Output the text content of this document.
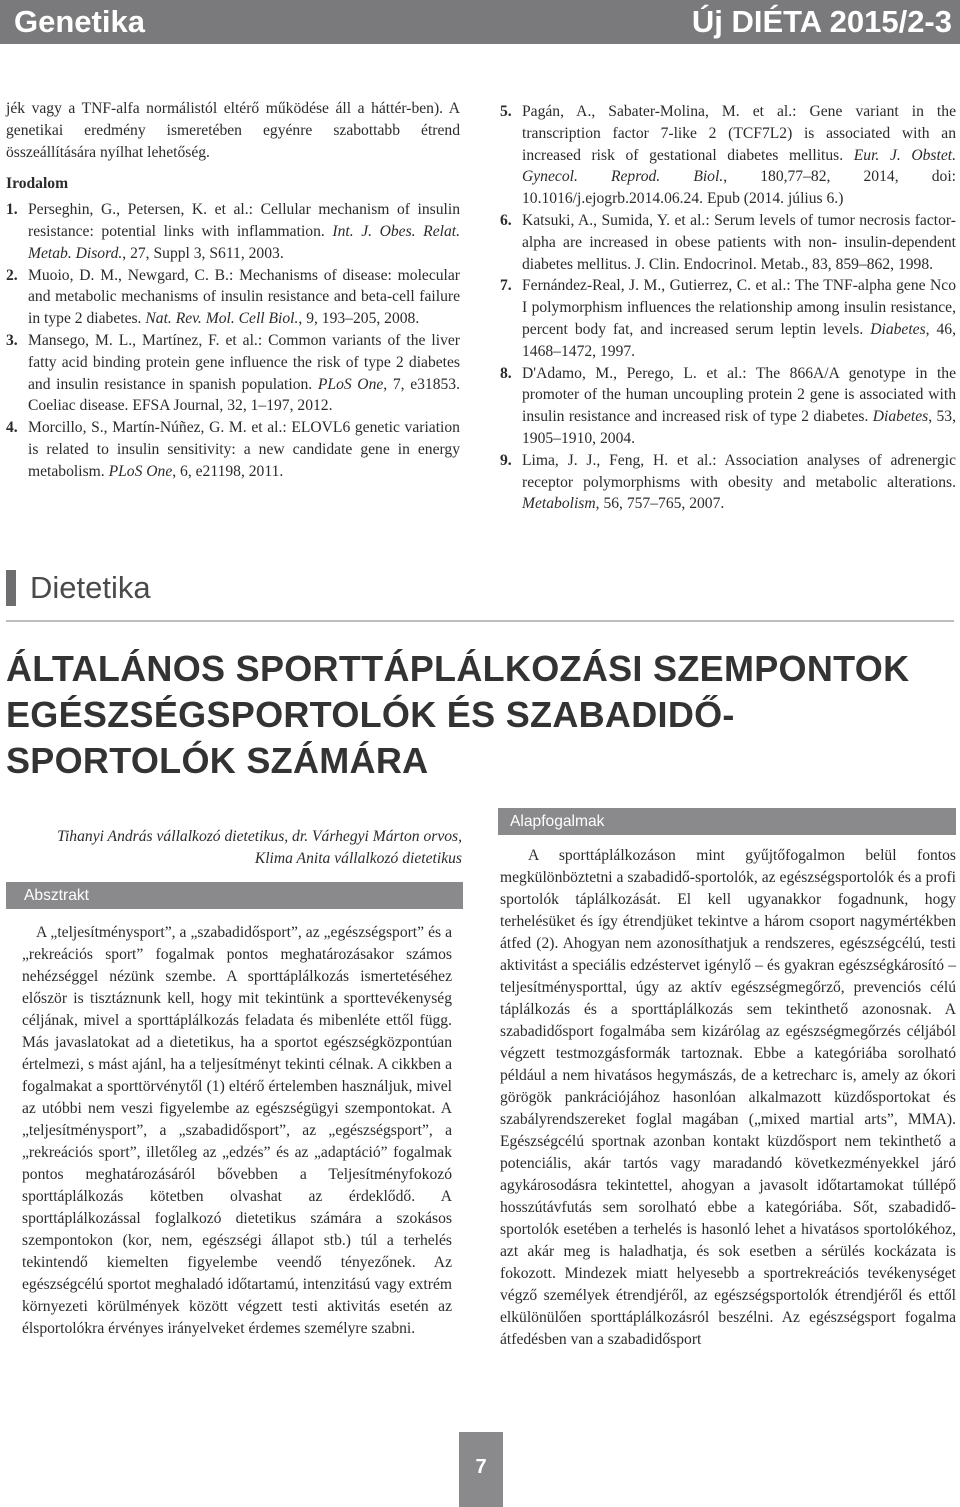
Genetika	Új DIÉTA 2015/2-3
jék vagy a TNF-alfa normálistól eltérő működése áll a háttér-ben). A genetikai eredmény ismeretében egyénre szabottabb étrend összeállítására nyílhat lehetőség.
Irodalom
1. Perseghin, G., Petersen, K. et al.: Cellular mechanism of insulin resistance: potential links with inflammation. Int. J. Obes. Relat. Metab. Disord., 27, Suppl 3, S611, 2003.
2. Muoio, D. M., Newgard, C. B.: Mechanisms of disease: molecular and metabolic mechanisms of insulin resistance and beta-cell failure in type 2 diabetes. Nat. Rev. Mol. Cell Biol., 9, 193–205, 2008.
3. Mansego, M. L., Martínez, F. et al.: Common variants of the liver fatty acid binding protein gene influence the risk of type 2 diabetes and insulin resistance in spanish population. PLoS One, 7, e31853. Coeliac disease. EFSA Journal, 32, 1–197, 2012.
4. Morcillo, S., Martín-Núñez, G. M. et al.: ELOVL6 genetic variation is related to insulin sensitivity: a new candidate gene in energy metabolism. PLoS One, 6, e21198, 2011.
5. Pagán, A., Sabater-Molina, M. et al.: Gene variant in the transcription factor 7-like 2 (TCF7L2) is associated with an increased risk of gestational diabetes mellitus. Eur. J. Obstet. Gynecol. Reprod. Biol., 180,77–82, 2014, doi: 10.1016/j.ejogrb.2014.06.24. Epub (2014. július 6.)
6. Katsuki, A., Sumida, Y. et al.: Serum levels of tumor necrosis factor-alpha are increased in obese patients with non- insulin-dependent diabetes mellitus. J. Clin. Endocrinol. Metab., 83, 859–862, 1998.
7. Fernández-Real, J. M., Gutierrez, C. et al.: The TNF-alpha gene Nco I polymorphism influences the relationship among insulin resistance, percent body fat, and increased serum leptin levels. Diabetes, 46, 1468–1472, 1997.
8. D'Adamo, M., Perego, L. et al.: The 866A/A genotype in the promoter of the human uncoupling protein 2 gene is associated with insulin resistance and increased risk of type 2 diabetes. Diabetes, 53, 1905–1910, 2004.
9. Lima, J. J., Feng, H. et al.: Association analyses of adrenergic receptor polymorphisms with obesity and metabolic alterations. Metabolism, 56, 757–765, 2007.
Dietetika
ÁLTALÁNOS SPORTTÁPLÁLKOZÁSI SZEMPONTOK EGÉSZSÉGSPORTOLÓK ÉS SZABADIDŐ-SPORTOLÓK SZÁMÁRA
Tihanyi András vállalkozó dietetikus, dr. Várhegyi Márton orvos,
Klima Anita vállalkozó dietetikus
Absztrakt

A „teljesítménysport”, a „szabadidősport”, az „egészségsport” és a „rekreációs sport” fogalmak pontos meghatározásakor számos nehézséggel nézünk szembe. A sporttáplálkozás ismertetéséhez először is tisztáznunk kell, hogy mit tekintünk a sporttevékenység céljának, mivel a sporttáplálkozás feladata és mibenléte ettől függ. Más javaslatokat ad a dietetikus, ha a sportot egészségközpontúan értelmezi, s mást ajánl, ha a teljesítményt tekinti célnak. A cikkben a fogalmakat a sporttörvénytől (1) eltérő értelemben használjuk, mivel az utóbbi nem veszi figyelembe az egészségügyi szempontokat. A „teljesítménysport”, a „szabadidősport”, az „egészségsport”, a „rekreációs sport”, illetőleg az „edzés” és az „adaptáció” fogalmak pontos meghatározásáról bővebben a Teljesítményfokozó sporttáplálkozás kötetben olvashat az érdeklődő. A sporttáplálkozással foglalkozó dietetikus számára a szokásos szempontokon (kor, nem, egészségi állapot stb.) túl a terhelés tekintendő kiemelten figyelembe veendő tényezőnek. Az egészségcélú sportot meghaladó időtartamú, intenzitású vagy extrém környezeti körülmények között végzett testi aktivitás esetén az élsportolókra érvényes irányelveket érdemes személyre szabni.

Alapfogalmak

A sporttáplálkozáson mint gyűjtőfogalmon belül fontos megkülönböztetni a szabadidő-sportolók, az egészségsportolók és a profi sportolók táplálkozását. El kell ugyanakkor fogadnunk, hogy terhelésüket és így étrendjüket tekintve a három csoport nagymértékben átfed (2). Ahogyan nem azonosíthatjuk a rendszeres, egészségcélú, testi aktivitást a speciális edzéstervet igénylő – és gyakran egészségkárosító – teljesítménysporttal, úgy az aktív egészségmegőrző, prevenciós célú táplálkozás és a sporttáplálkozás sem tekinthető azonosnak. A szabadidősport fogalmába sem kizárólag az egészségmegőrzés céljából végzett testmozgásformák tartoznak. Ebbe a kategóriába sorolható például a nem hivatásos hegymászás, de a ketrecharc is, amely az ókori görögök pankrációjához hasonlóan alkalmazott küzdősportokat és szabályrendszereket foglal magában („mixed martial arts”, MMA). Egészségcélú sportnak azonban kontakt küzdősport nem tekinthető a potenciális, akár tartós vagy maradandó következményekkel járó agykárosodásra tekintettel, ahogyan a javasolt időtartamokat túllépő hosszútávfutás sem sorolható ebbe a kategóriába. Sőt, szabadidő-sportolók esetében a terhelés is hasonló lehet a hivatásos sportolókéhoz, azt akár meg is haladhatja, és sok esetben a sérülés kockázata is fokozott. Mindezek miatt helyesebb a sportrekreációs tevékenységet végző személyek étrendjéről, az egészségsportolók étrendjéről és ettől elkülönülően sporttáplálkozásról beszélni. Az egészségsport fogalma átfedésben van a szabadidősport

7
